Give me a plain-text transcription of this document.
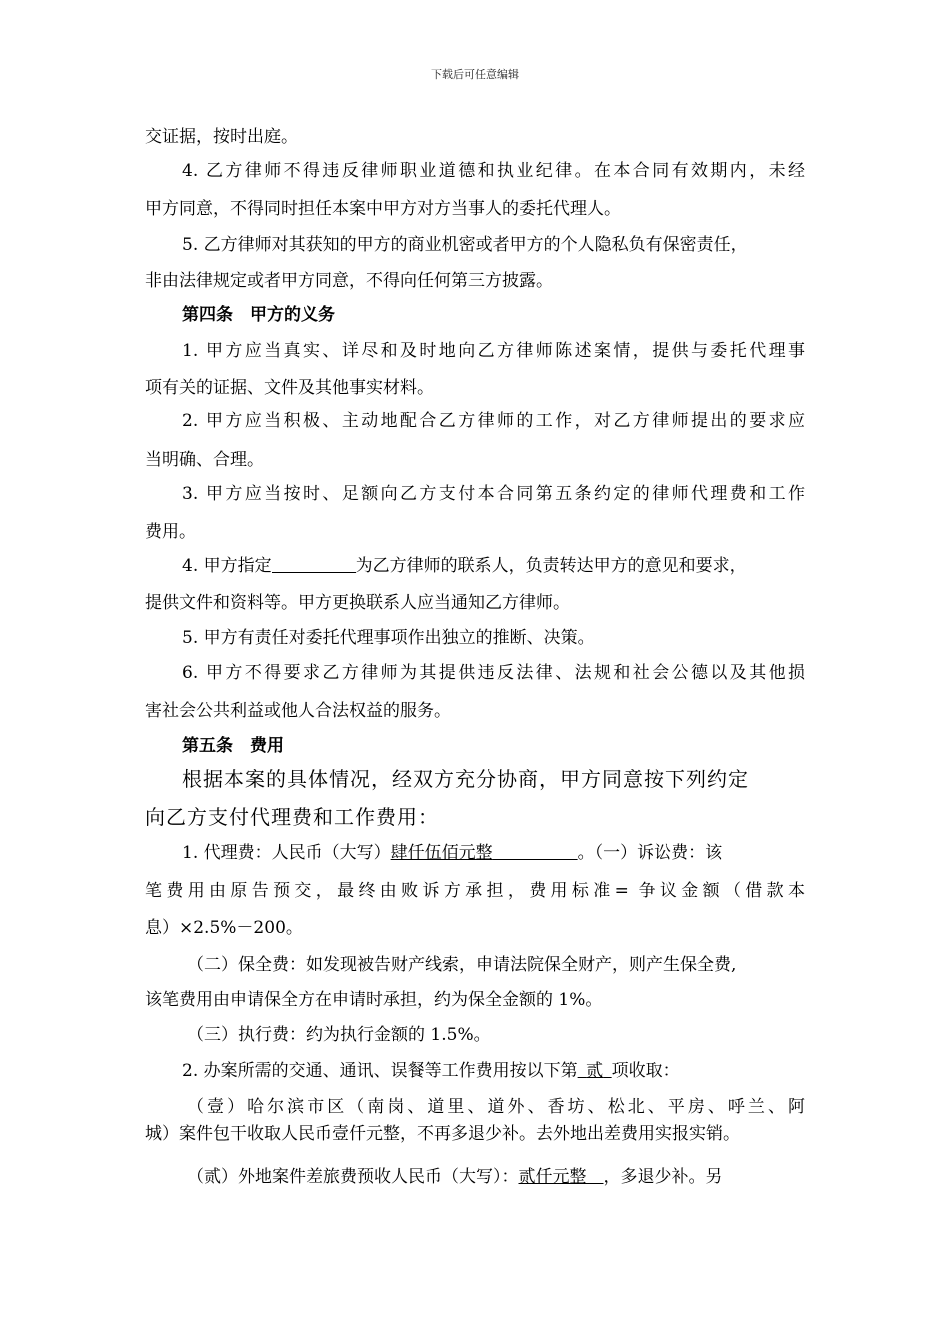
下载后可任意编辑
交证据，按时出庭。
4. 乙方律师不得违反律师职业道德和执业纪律。在本合同有效期内，未经
甲方同意，不得同时担任本案中甲方对方当事人的委托代理人。
5. 乙方律师对其获知的甲方的商业机密或者甲方的个人隐私负有保密责任，
非由法律规定或者甲方同意，不得向任何第三方披露。
第四条　甲方的义务
1. 甲方应当真实、详尽和及时地向乙方律师陈述案情，提供与委托代理事
项有关的证据、文件及其他事实材料。
2. 甲方应当积极、主动地配合乙方律师的工作，对乙方律师提出的要求应
当明确、合理。
3. 甲方应当按时、足额向乙方支付本合同第五条约定的律师代理费和工作
费用。
4. 甲方指定	为乙方律师的联系人，负责转达甲方的意见和要求，
提供文件和资料等。甲方更换联系人应当通知乙方律师。
5. 甲方有责任对委托代理事项作出独立的推断、决策。
6. 甲方不得要求乙方律师为其提供违反法律、法规和社会公德以及其他损
害社会公共利益或他人合法权益的服务。
第五条　费用
根据本案的具体情况，经双方充分协商，甲方同意按下列约定
向乙方支付代理费和工作费用：
1. 代理费：人民币（大写）肆仟伍佰元整     	。（一）诉讼费：该
笔费用由原告预交，最终由败诉方承担，费用标准= 争议金额（借款本
息）×2.5%－200。
（二）保全费：如发现被告财产线索，申请法院保全财产，则产生保全费,
该笔费用由申请保全方在申请时承担，约为保全金额的 1%。
（三）执行费：约为执行金额的 1.5%。
2. 办案所需的交通、通讯、误餐等工作费用按以下第  贰  项收取：
（壹）哈尔滨市区（南岗、道里、道外、香坊、松北、平房、呼兰、阿
城）案件包干收取人民币壹仟元整，不再多退少补。去外地出差费用实报实销。
（贰）外地案件差旅费预收人民币（大写）：贰仟元整   ，多退少补。另
